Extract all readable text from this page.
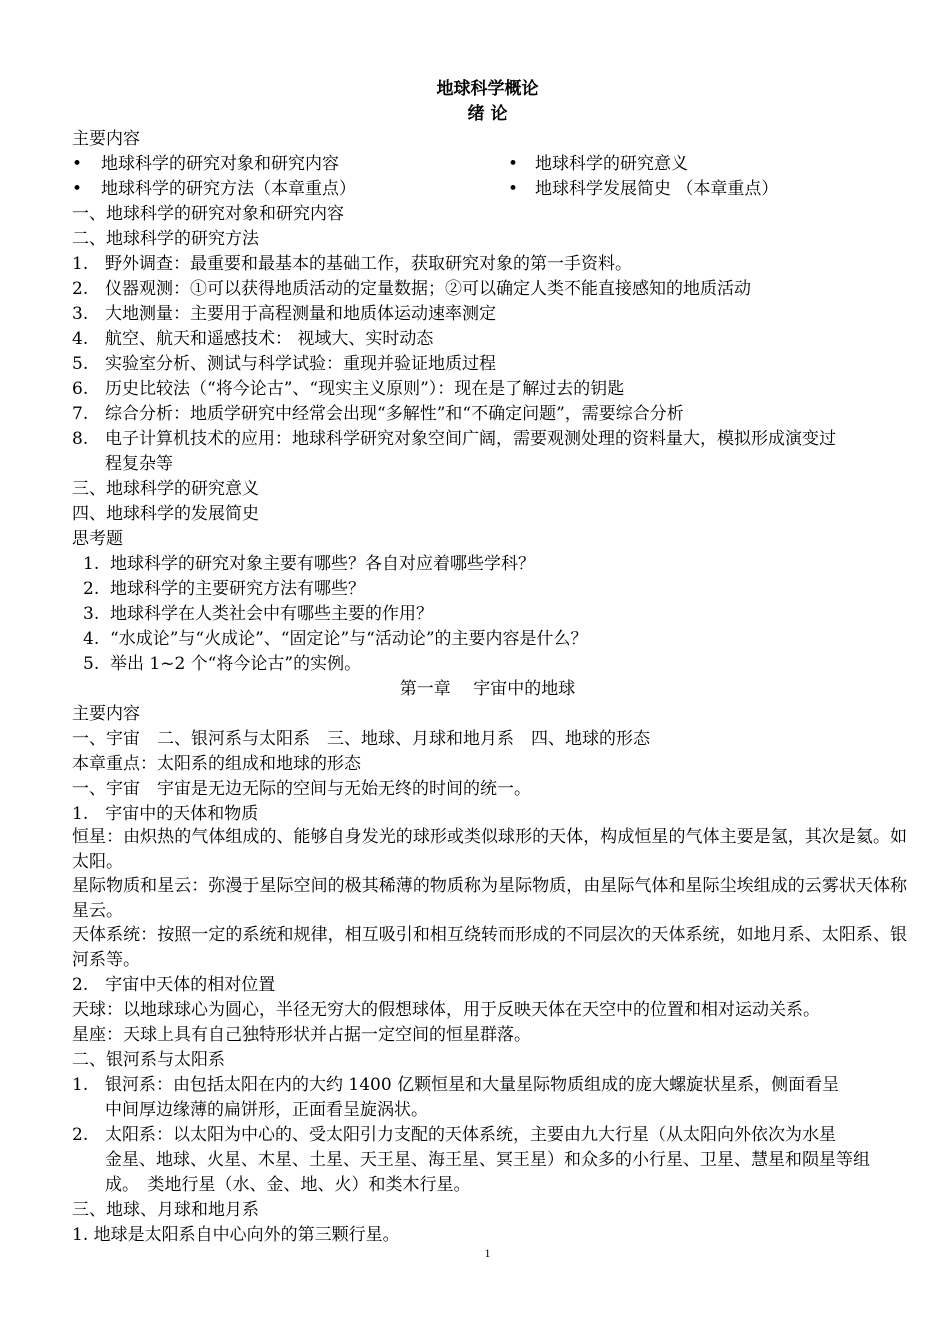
地球科学概论
绪 论
主要内容
• 地球科学的研究对象和研究内容	• 地球科学的研究意义
• 地球科学的研究方法（本章重点）	• 地球科学发展简史 （本章重点）
一、地球科学的研究对象和研究内容
二、地球科学的研究方法
1. 野外调查：最重要和最基本的基础工作，获取研究对象的第一手资料。
2. 仪器观测：①可以获得地质活动的定量数据；②可以确定人类不能直接感知的地质活动
3. 大地测量：主要用于高程测量和地质体运动速率测定
4. 航空、航天和遥感技术： 视域大、实时动态
5. 实验室分析、测试与科学试验：重现并验证地质过程
6. 历史比较法（“将今论古”、“现实主义原则”）：现在是了解过去的钥匙
7. 综合分析：地质学研究中经常会出现“多解性”和“不确定问题”，需要综合分析
8. 电子计算机技术的应用：地球科学研究对象空间广阔，需要观测处理的资料量大，模拟形成演变过
程复杂等
三、地球科学的研究意义
四、地球科学的发展简史
思考题
1. 地球科学的研究对象主要有哪些？各自对应着哪些学科？
2. 地球科学的主要研究方法有哪些？
3. 地球科学在人类社会中有哪些主要的作用？
4. “水成论”与“火成论”、“固定论”与“活动论”的主要内容是什么？
5. 举出 1~2 个“将今论古”的实例。
第一章　 宇宙中的地球
主要内容
一、宇宙　二、银河系与太阳系　三、地球、月球和地月系　四、地球的形态
本章重点：太阳系的组成和地球的形态
一、宇宙　宇宙是无边无际的空间与无始无终的时间的统一。
1.　宇宙中的天体和物质
恒星：由炽热的气体组成的、能够自身发光的球形或类似球形的天体，构成恒星的气体主要是氢，其次是氦。如太阳。
星际物质和星云：弥漫于星际空间的极其稀薄的物质称为星际物质，由星际气体和星际尘埃组成的云雾状天体称星云。
天体系统：按照一定的系统和规律，相互吸引和相互绕转而形成的不同层次的天体系统，如地月系、太阳系、银河系等。
2.　宇宙中天体的相对位置
天球：以地球球心为圆心，半径无穷大的假想球体，用于反映天体在天空中的位置和相对运动关系。
星座：天球上具有自己独特形状并占据一定空间的恒星群落。
二、银河系与太阳系
1. 银河系：由包括太阳在内的大约 1400 亿颗恒星和大量星际物质组成的庞大螺旋状星系，侧面看呈
中间厚边缘薄的扁饼形，正面看呈旋涡状。
2. 太阳系：以太阳为中心的、受太阳引力支配的天体系统，主要由九大行星（从太阳向外依次为水星
金星、地球、火星、木星、土星、天王星、海王星、冥王星）和众多的小行星、卫星、慧星和陨星等组
成。　类地行星（水、金、地、火）和类木行星。
三、地球、月球和地月系
1. 地球是太阳系自中心向外的第三颗行星。
1
